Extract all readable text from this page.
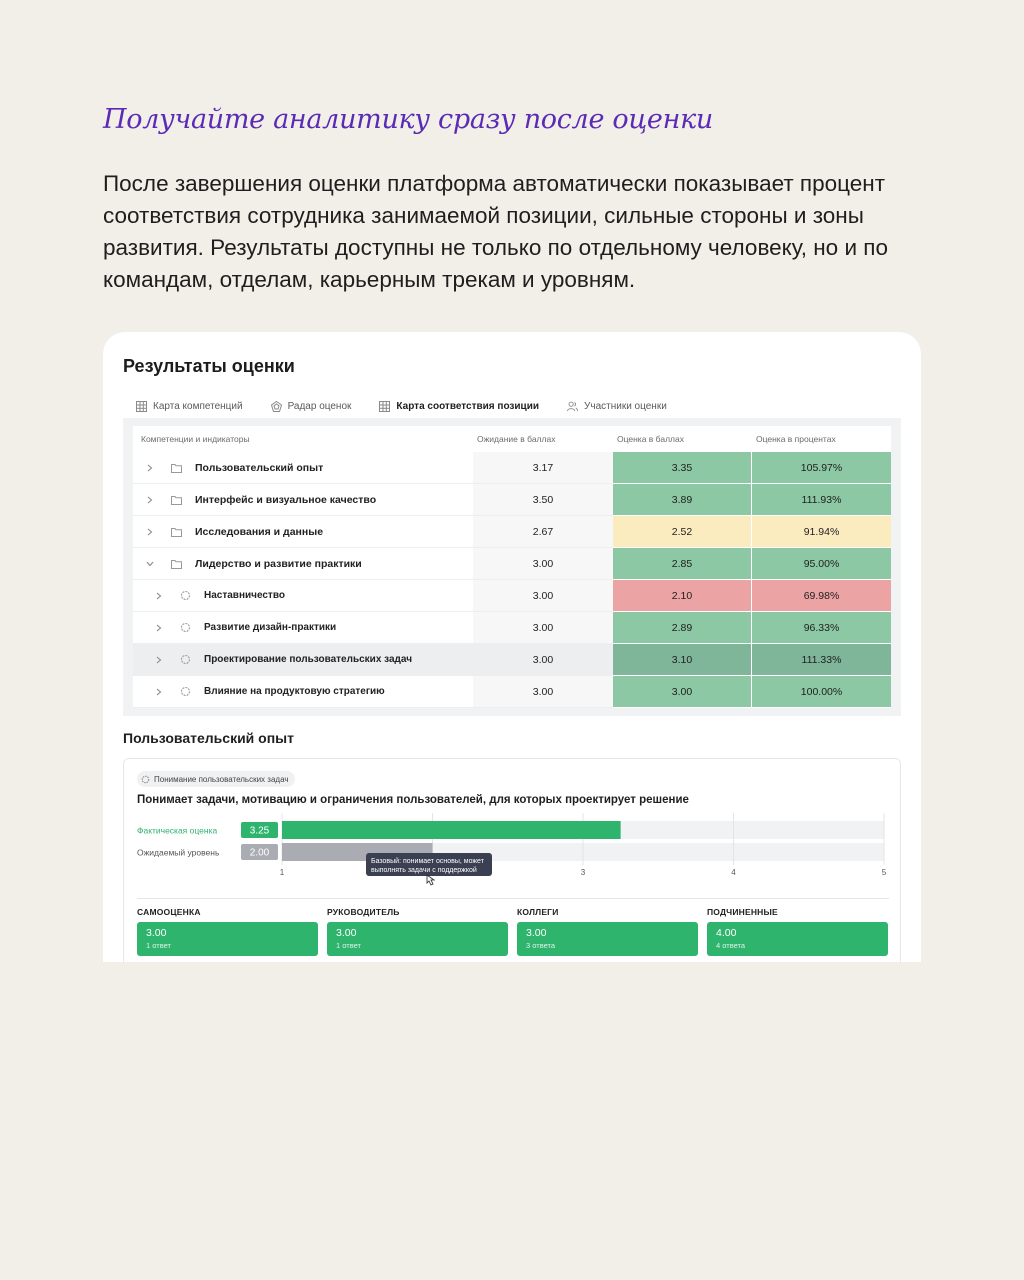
Получайте аналитику сразу после оценки
После завершения оценки платформа автоматически показывает процент соответствия сотрудника занимаемой позиции, сильные стороны и зоны развития. Результаты доступны не только по отдельному человеку, но и по командам, отделам, карьерным трекам и уровням.
Результаты оценки
Карта компетенций	Радар оценок	Карта соответствия позиции	Участники оценки
Компетенции и индикаторы	Ожидание в баллах	Оценка в баллах	Оценка в процентах
Пользовательский опыт	3.17	3.35	105.97%
Интерфейс и визуальное качество	3.50	3.89	111.93%
Исследования и данные	2.67	2.52	91.94%
Лидерство и развитие практики	3.00	2.85	95.00%
Наставничество	3.00	2.10	69.98%
Развитие дизайн-практики	3.00	2.89	96.33%
Проектирование пользовательских задач	3.00	3.10	111.33%
Влияние на продуктовую стратегию	3.00	3.00	100.00%
Пользовательский опыт
Понимание пользовательских задач
Понимает задачи, мотивацию и ограничения пользователей, для которых проектирует решение
Фактическая оценка	3.25
Ожидаемый уровень	2.00
1	3	4	5
Базовый: понимает основы, может
выполнять задачи с поддержкой
САМООЦЕНКА
3.00
1 ответ
РУКОВОДИТЕЛЬ
3.00
1 ответ
КОЛЛЕГИ
3.00
3 ответа
ПОДЧИНЕННЫЕ
4.00
4 ответа
